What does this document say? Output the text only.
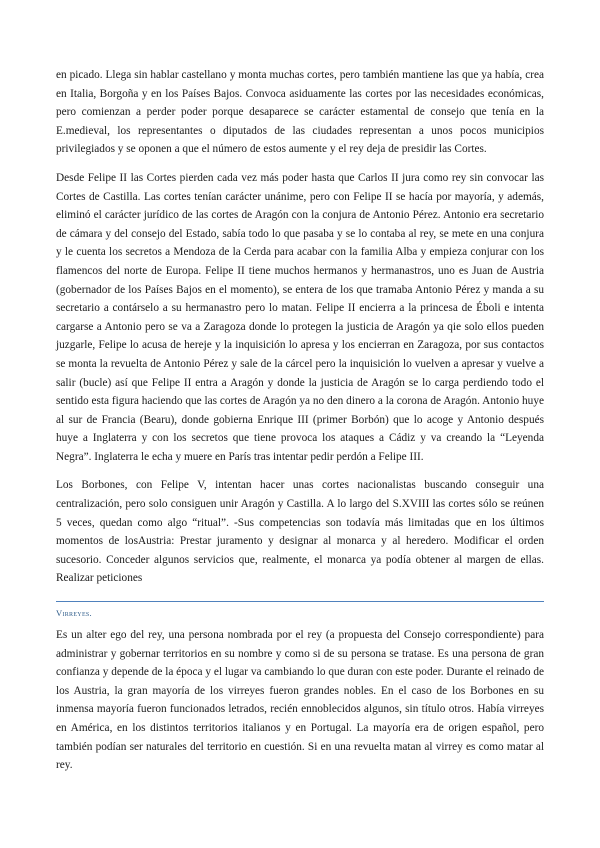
en picado. Llega sin hablar castellano y monta muchas cortes, pero también mantiene las que ya había, crea en Italia, Borgoña y en los Países Bajos. Convoca asiduamente las cortes por las necesidades económicas, pero comienzan a perder poder porque desaparece se carácter estamental de consejo que tenía en la E.medieval, los representantes o diputados de las ciudades representan a unos pocos municipios privilegiados y se oponen a que el número de estos aumente y el rey deja de presidir las Cortes.

Desde Felipe II las Cortes pierden cada vez más poder hasta que Carlos II jura como rey sin convocar las Cortes de Castilla. Las cortes tenían carácter unánime, pero con Felipe II se hacía por mayoría, y además, eliminó el carácter jurídico de las cortes de Aragón con la conjura de Antonio Pérez. Antonio era secretario de cámara y del consejo del Estado, sabía todo lo que pasaba y se lo contaba al rey, se mete en una conjura y le cuenta los secretos a Mendoza de la Cerda para acabar con la familia Alba y empieza conjurar con los flamencos del norte de Europa. Felipe II tiene muchos hermanos y hermanastros, uno es Juan de Austria (gobernador de los Países Bajos en el momento), se entera de los que tramaba Antonio Pérez y manda a su secretario a contárselo a su hermanastro pero lo matan. Felipe II encierra a la princesa de Éboli e intenta cargarse a Antonio pero se va a Zaragoza donde lo protegen la justicia de Aragón ya qie solo ellos pueden juzgarle, Felipe lo acusa de hereje y la inquisición lo apresa y los encierran en Zaragoza, por sus contactos se monta la revuelta de Antonio Pérez y sale de la cárcel pero la inquisición lo vuelven a apresar y vuelve a salir (bucle) así que Felipe II entra a Aragón y donde la justicia de Aragón se lo carga perdiendo todo el sentido esta figura haciendo que las cortes de Aragón ya no den dinero a la corona de Aragón. Antonio huye al sur de Francia (Bearu), donde gobierna Enrique III (primer Borbón) que lo acoge y Antonio después huye a Inglaterra y con los secretos que tiene provoca los ataques a Cádiz y va creando la “Leyenda Negra”. Inglaterra le echa y muere en París tras intentar pedir perdón a Felipe III.

Los Borbones, con Felipe V, intentan hacer unas cortes nacionalistas buscando conseguir una centralización, pero solo consiguen unir Aragón y Castilla. A lo largo del S.XVIII las cortes sólo se reúnen 5 veces, quedan como algo “ritual”. -Sus competencias son todavía más limitadas que en los últimos momentos de losAustria: Prestar juramento y designar al monarca y al heredero. Modificar el orden sucesorio. Conceder algunos servicios que, realmente, el monarca ya podía obtener al margen de ellas. Realizar peticiones

Virreyes.

Es un alter ego del rey, una persona nombrada por el rey (a propuesta del Consejo correspondiente) para administrar y gobernar territorios en su nombre y como si de su persona se tratase. Es una persona de gran confianza y depende de la época y el lugar va cambiando lo que duran con este poder. Durante el reinado de los Austria, la gran mayoría de los virreyes fueron grandes nobles. En el caso de los Borbones en su inmensa mayoría fueron funcionados letrados, recién ennoblecidos algunos, sin título otros. Había virreyes en América, en los distintos territorios italianos y en Portugal. La mayoría era de origen español, pero también podían ser naturales del territorio en cuestión. Si en una revuelta matan al virrey es como matar al rey.
